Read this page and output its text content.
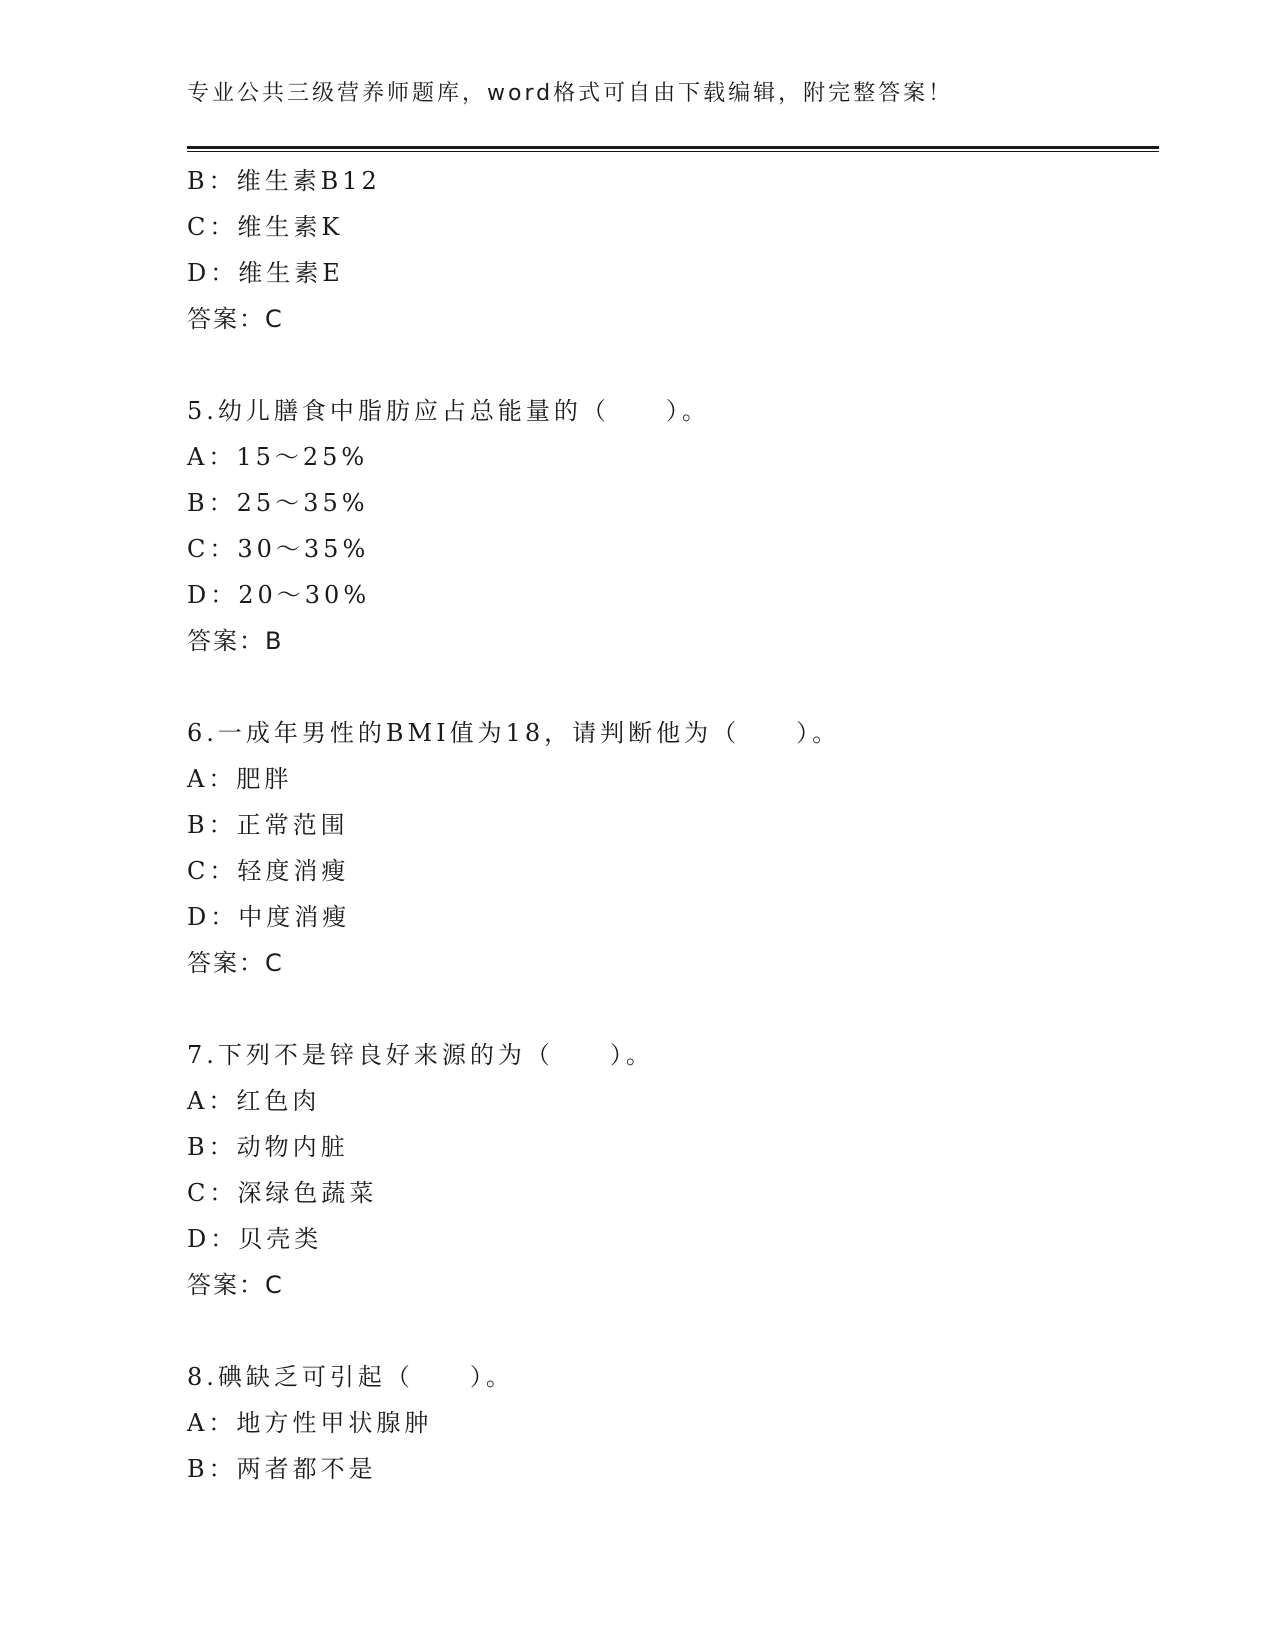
专业公共三级营养师题库，word格式可自由下载编辑，附完整答案！
B：维生素B12
C：维生素K
D：维生素E
答案：C
5.幼儿膳食中脂肪应占总能量的（　　）。
A：15～25%
B：25～35%
C：30～35%
D：20～30%
答案：B
6.一成年男性的BMI值为18，请判断他为（　　）。
A：肥胖
B：正常范围
C：轻度消瘦
D：中度消瘦
答案：C
7.下列不是锌良好来源的为（　　）。
A：红色肉
B：动物内脏
C：深绿色蔬菜
D：贝壳类
答案：C
8.碘缺乏可引起（　　）。
A：地方性甲状腺肿
B：两者都不是
